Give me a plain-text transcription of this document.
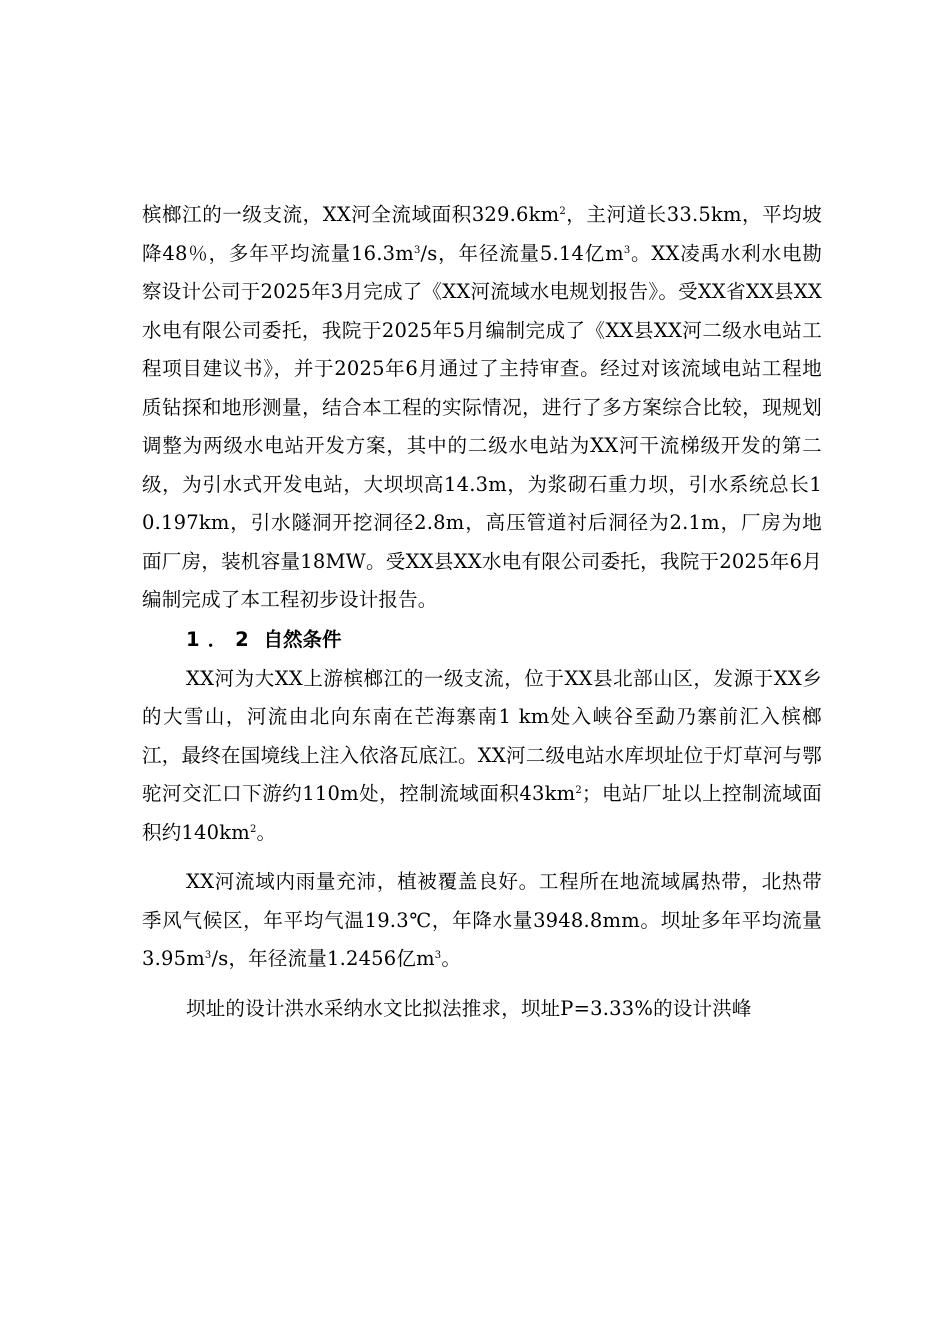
槟榔江的一级支流，XX河全流域面积$329.6km^2$，主河道长33.5km，平均坡降48％，多年平均流量$16.3m^3/s$，年径流量5.14亿$m^3$。XX凌禹水利水电勘察设计公司于2025年3月完成了《XX河流域水电规划报告》。受XX省XX县XX水电有限公司委托，我院于2025年5月编制完成了《XX县XX河二级水电站工程项目建议书》，并于2025年6月通过了主持审查。经过对该流域电站工程地质钻探和地形测量，结合本工程的实际情况，进行了多方案综合比较，现规划调整为两级水电站开发方案，其中的二级水电站为XX河干流梯级开发的第二级，为引水式开发电站，大坝坝高14.3m，为浆砌石重力坝，引水系统总长10.197km，引水隧洞开挖洞径2.8m，高压管道衬后洞径为2.1m，厂房为地面厂房，装机容量18MW。受XX县XX水电有限公司委托，我院于2025年6月编制完成了本工程初步设计报告。

1．2 自然条件

XX河为大XX上游槟榔江的一级支流，位于XX县北部山区，发源于XX乡的大雪山，河流由北向东南在芒海寨南1 km处入峡谷至勐乃寨前汇入槟榔江，最终在国境线上注入依洛瓦底江。XX河二级电站水库坝址位于灯草河与鄂驼河交汇口下游约110m处，控制流域面积$43km^2$；电站厂址以上控制流域面积约$140km^2$。

XX河流域内雨量充沛，植被覆盖良好。工程所在地流域属热带，北热带季风气候区，年平均气温19.3℃，年降水量3948.8mm。坝址多年平均流量$3.95m^3/s$，年径流量1.2456亿$m^3$。

坝址的设计洪水采纳水文比拟法推求，坝址P=3.33%的设计洪峰
